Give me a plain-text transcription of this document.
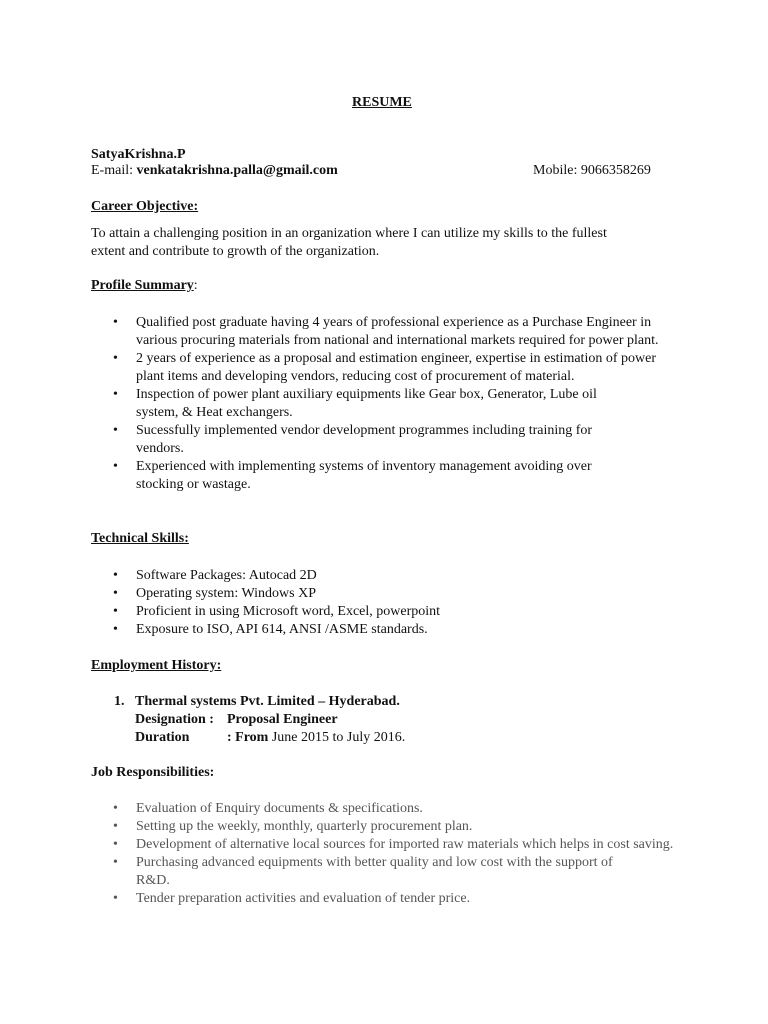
RESUME
SatyaKrishna.P
E-mail: venkatakrishna.palla@gmail.com	Mobile: 9066358269
Career Objective:
To attain a challenging position in an organization where I can utilize my skills to the fullest
extent and contribute to growth of the organization.
Profile Summary:
• Qualified post graduate having 4 years of professional experience as a Purchase Engineer in various procuring materials from national and international markets required for power plant.
• 2 years of experience as a proposal and estimation engineer, expertise in estimation of power plant items and developing vendors, reducing cost of procurement of material.
• Inspection of power plant auxiliary equipments like Gear box, Generator, Lube oil system, & Heat exchangers.
• Sucessfully implemented vendor development programmes including training for vendors.
• Experienced with implementing systems of inventory management avoiding over stocking or wastage.
Technical Skills:
• Software Packages: Autocad 2D
• Operating system: Windows XP
• Proficient in using Microsoft word, Excel, powerpoint
• Exposure to ISO, API 614, ANSI /ASME standards.
Employment History:
1. Thermal systems Pvt. Limited – Hyderabad.
Designation : Proposal Engineer
Duration	: From June 2015 to July 2016.
Job Responsibilities:
• Evaluation of Enquiry documents & specifications.
• Setting up the weekly, monthly, quarterly procurement plan.
• Development of alternative local sources for imported raw materials which helps in cost saving.
• Purchasing advanced equipments with better quality and low cost with the support of R&D.
• Tender preparation activities and evaluation of tender price.
